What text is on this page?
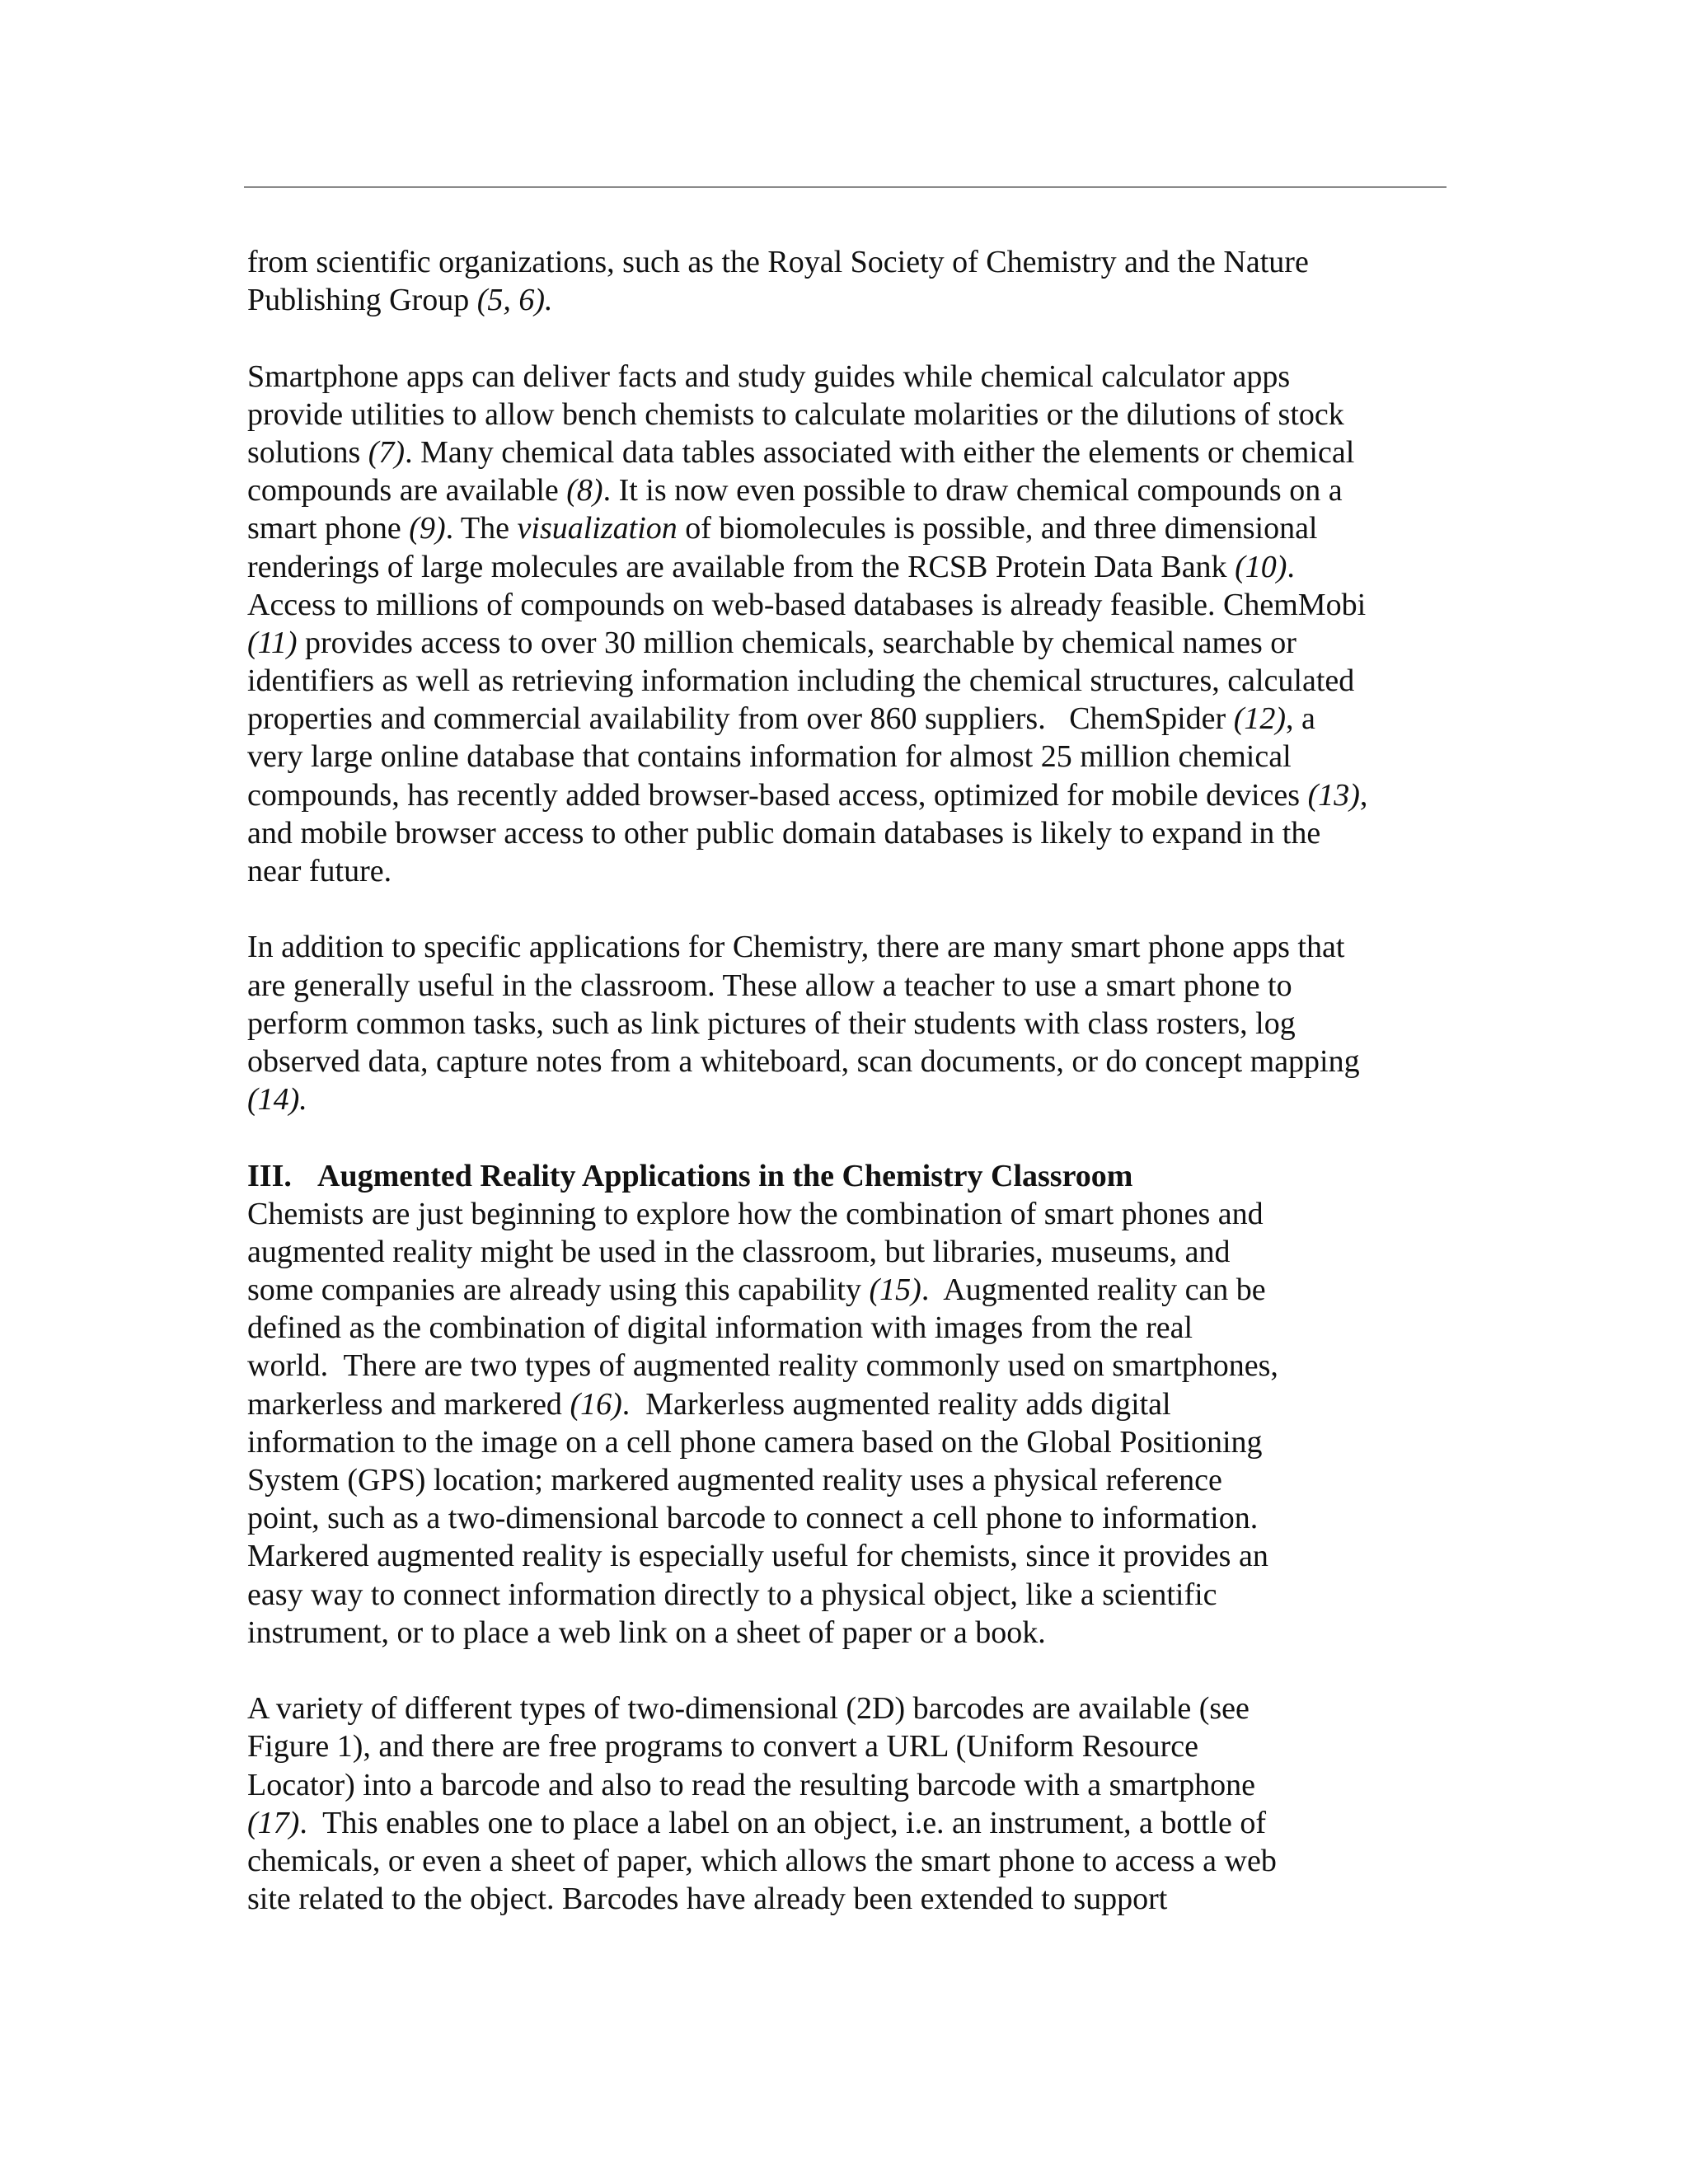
from scientific organizations, such as the Royal Society of Chemistry and the Nature
Publishing Group (5, 6).
Smartphone apps can deliver facts and study guides while chemical calculator apps
provide utilities to allow bench chemists to calculate molarities or the dilutions of stock
solutions (7). Many chemical data tables associated with either the elements or chemical
compounds are available (8). It is now even possible to draw chemical compounds on a
smart phone (9). The visualization of biomolecules is possible, and three dimensional
renderings of large molecules are available from the RCSB Protein Data Bank (10).
Access to millions of compounds on web-based databases is already feasible. ChemMobi
(11) provides access to over 30 million chemicals, searchable by chemical names or
identifiers as well as retrieving information including the chemical structures, calculated
properties and commercial availability from over 860 suppliers.   ChemSpider (12), a
very large online database that contains information for almost 25 million chemical
compounds, has recently added browser-based access, optimized for mobile devices (13),
and mobile browser access to other public domain databases is likely to expand in the
near future.
In addition to specific applications for Chemistry, there are many smart phone apps that
are generally useful in the classroom. These allow a teacher to use a smart phone to
perform common tasks, such as link pictures of their students with class rosters, log
observed data, capture notes from a whiteboard, scan documents, or do concept mapping
(14).
III. Augmented Reality Applications in the Chemistry Classroom
Chemists are just beginning to explore how the combination of smart phones and
augmented reality might be used in the classroom, but libraries, museums, and
some companies are already using this capability (15).  Augmented reality can be
defined as the combination of digital information with images from the real
world.  There are two types of augmented reality commonly used on smartphones,
markerless and markered (16).  Markerless augmented reality adds digital
information to the image on a cell phone camera based on the Global Positioning
System (GPS) location; markered augmented reality uses a physical reference
point, such as a two-dimensional barcode to connect a cell phone to information.
Markered augmented reality is especially useful for chemists, since it provides an
easy way to connect information directly to a physical object, like a scientific
instrument, or to place a web link on a sheet of paper or a book.
A variety of different types of two-dimensional (2D) barcodes are available (see
Figure 1), and there are free programs to convert a URL (Uniform Resource
Locator) into a barcode and also to read the resulting barcode with a smartphone
(17).  This enables one to place a label on an object, i.e. an instrument, a bottle of
chemicals, or even a sheet of paper, which allows the smart phone to access a web
site related to the object. Barcodes have already been extended to support
